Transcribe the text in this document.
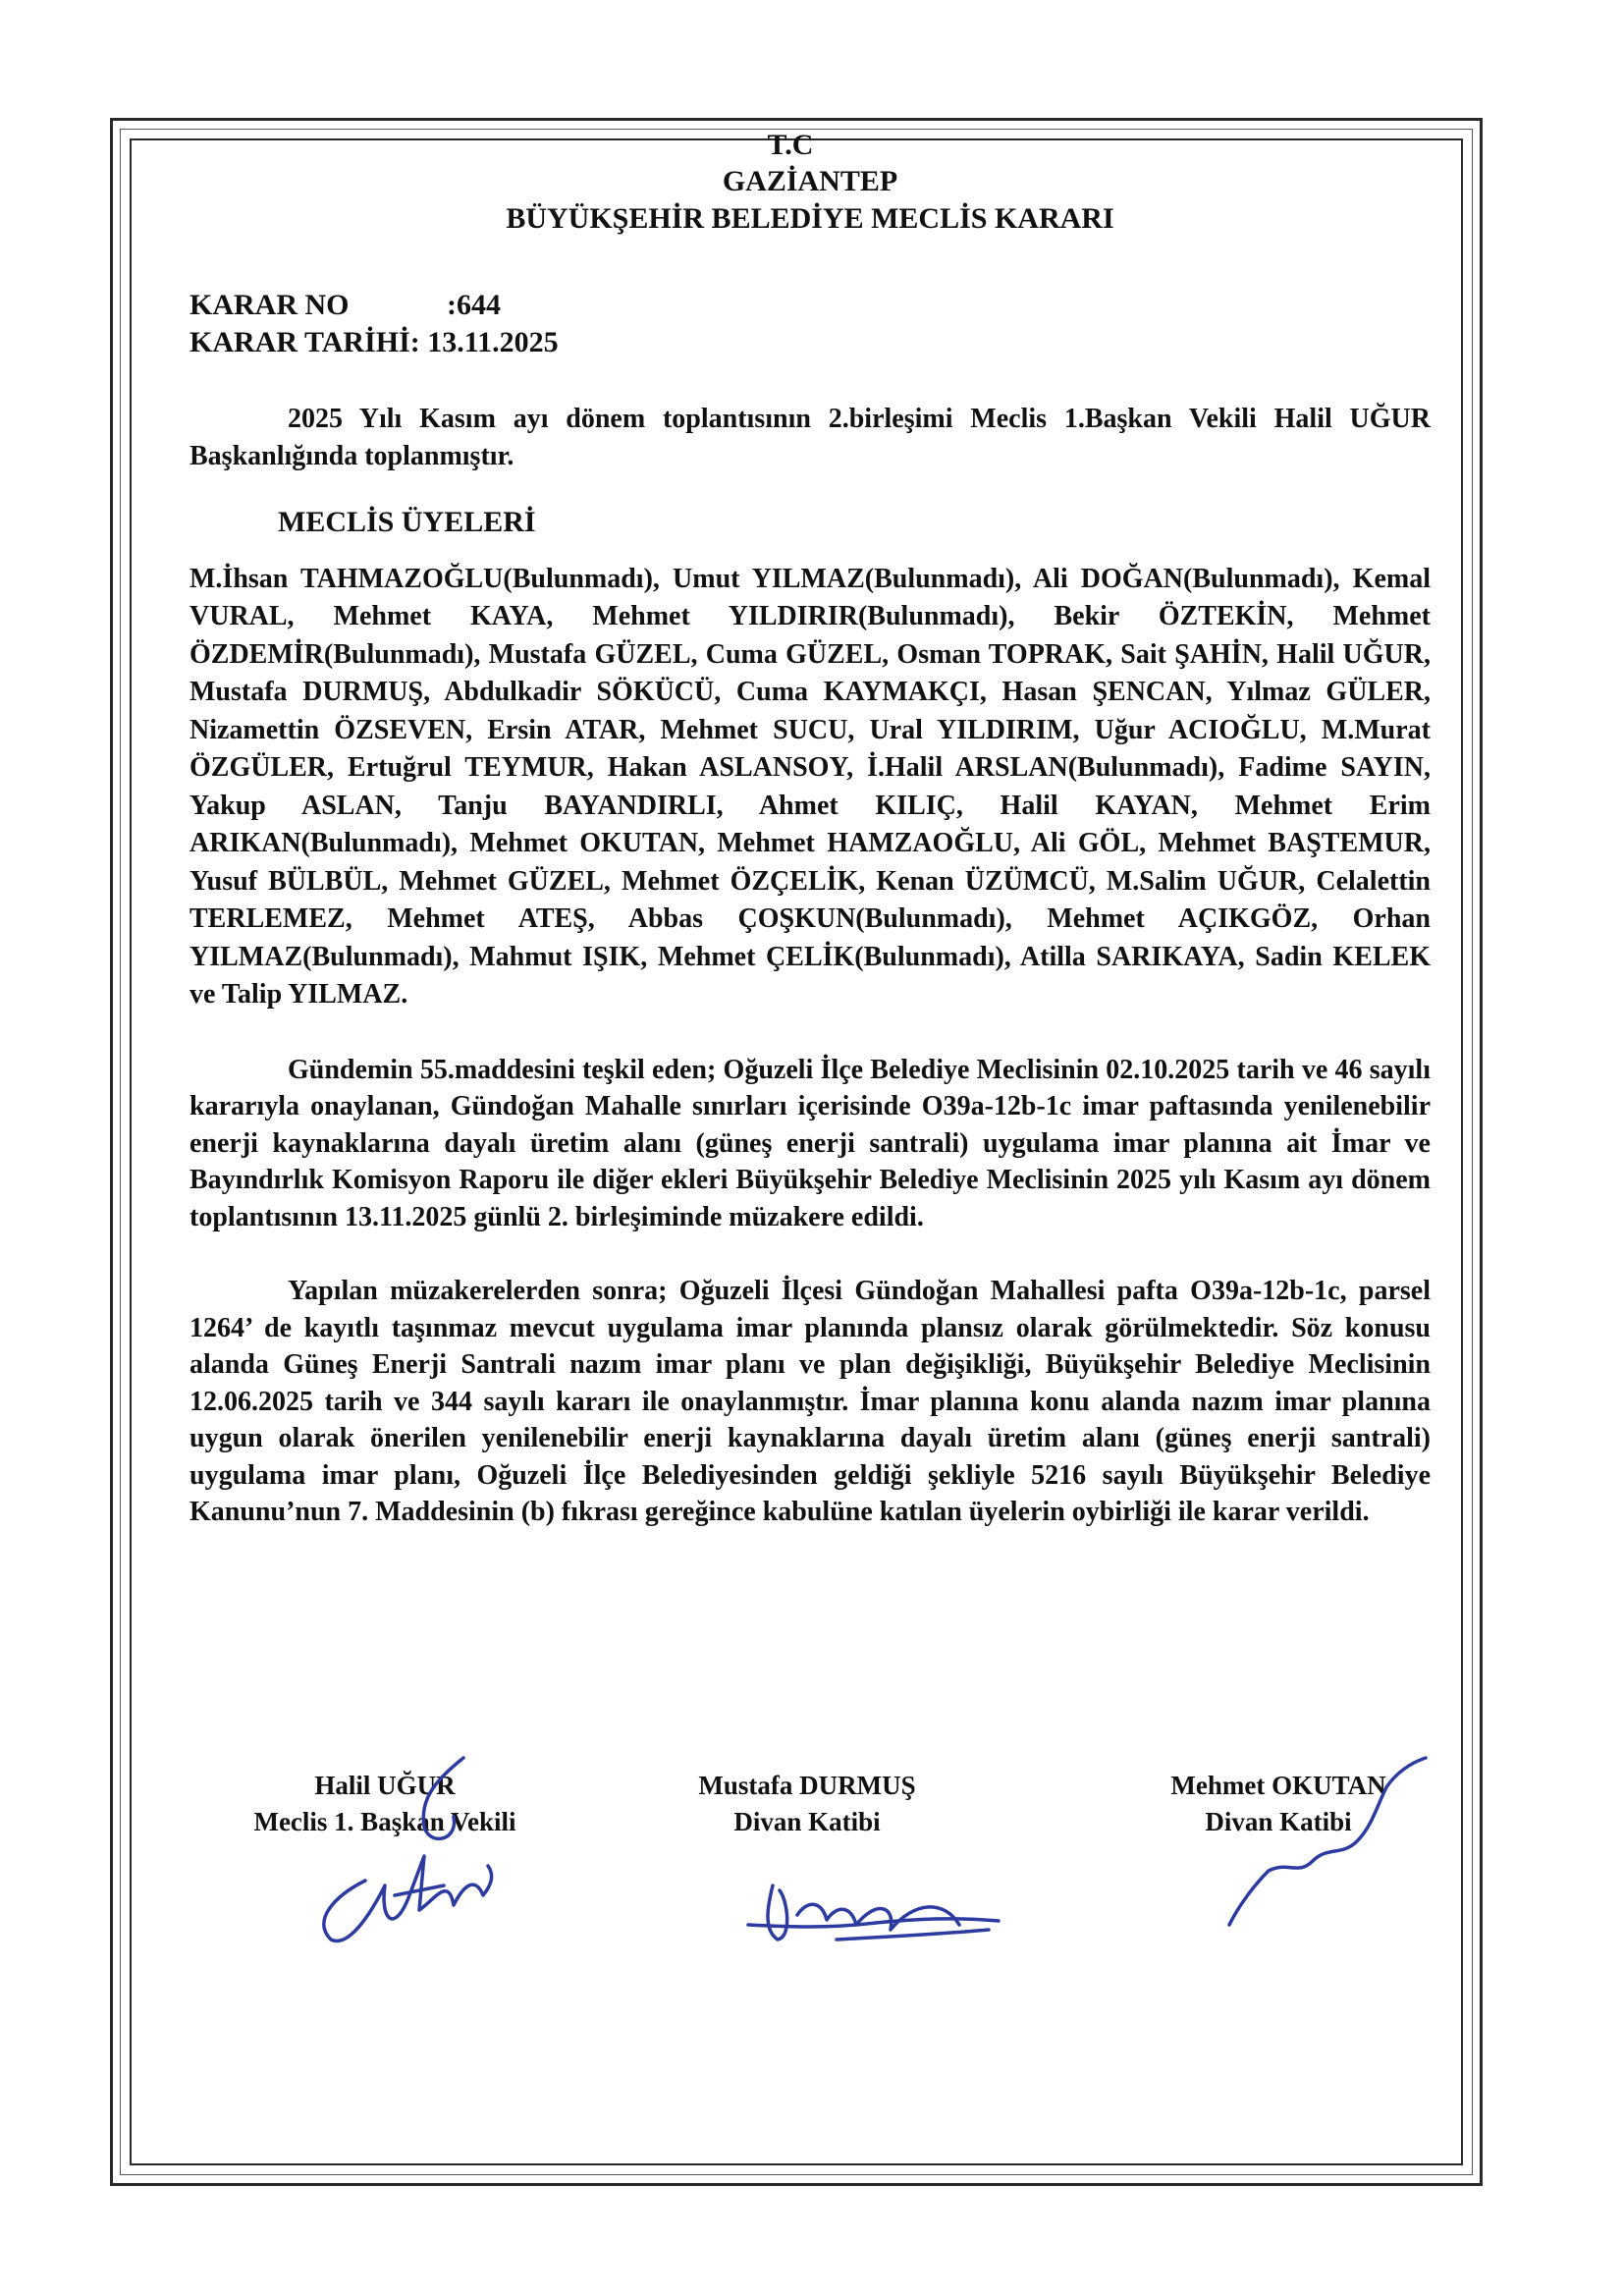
T.C
GAZİANTEP
BÜYÜKŞEHİR BELEDİYE MECLİS KARARI
KARAR NO	:644
KARAR TARİHİ : 13.11.2025

2025 Yılı Kasım ayı dönem toplantısının 2.birleşimi Meclis 1.Başkan Vekili Halil UĞUR Başkanlığında toplanmıştır.

MECLİS ÜYELERİ

M.İhsan TAHMAZOĞLU(Bulunmadı), Umut YILMAZ(Bulunmadı), Ali DOĞAN(Bulunmadı), Kemal VURAL, Mehmet KAYA, Mehmet YILDIRIR(Bulunmadı), Bekir ÖZTEKİN, Mehmet ÖZDEMİR(Bulunmadı), Mustafa GÜZEL, Cuma GÜZEL, Osman TOPRAK, Sait ŞAHİN, Halil UĞUR, Mustafa DURMUŞ, Abdulkadir SÖKÜCÜ, Cuma KAYMAKÇI, Hasan ŞENCAN, Yılmaz GÜLER, Nizamettin ÖZSEVEN, Ersin ATAR, Mehmet SUCU, Ural YILDIRIM, Uğur ACIOĞLU, M.Murat ÖZGÜLER, Ertuğrul TEYMUR, Hakan ASLANSOY, İ.Halil ARSLAN(Bulunmadı), Fadime SAYIN, Yakup ASLAN, Tanju BAYANDIRLI, Ahmet KILIÇ, Halil KAYAN, Mehmet Erim ARIKAN(Bulunmadı), Mehmet OKUTAN, Mehmet HAMZAOĞLU, Ali GÖL, Mehmet BAŞTEMUR, Yusuf BÜLBÜL, Mehmet GÜZEL, Mehmet ÖZÇELİK, Kenan ÜZÜMCÜ, M.Salim UĞUR, Celalettin TERLEMEZ, Mehmet ATEŞ, Abbas ÇOŞKUN(Bulunmadı), Mehmet AÇIKGÖZ, Orhan YILMAZ(Bulunmadı), Mahmut IŞIK, Mehmet ÇELİK(Bulunmadı), Atilla SARIKAYA, Sadin KELEK ve Talip YILMAZ.

Gündemin 55.maddesini teşkil eden; Oğuzeli İlçe Belediye Meclisinin 02.10.2025 tarih ve 46 sayılı kararıyla onaylanan, Gündoğan Mahalle sınırları içerisinde O39a-12b-1c imar paftasında yenilenebilir enerji kaynaklarına dayalı üretim alanı (güneş enerji santrali) uygulama imar planına ait İmar ve Bayındırlık Komisyon Raporu ile diğer ekleri Büyükşehir Belediye Meclisinin 2025 yılı Kasım ayı dönem toplantısının 13.11.2025 günlü 2. birleşiminde müzakere edildi.

Yapılan müzakerelerden sonra; Oğuzeli İlçesi Gündoğan Mahallesi pafta O39a-12b-1c, parsel 1264’ de kayıtlı taşınmaz mevcut uygulama imar planında plansız olarak görülmektedir. Söz konusu alanda Güneş Enerji Santrali nazım imar planı ve plan değişikliği, Büyükşehir Belediye Meclisinin 12.06.2025 tarih ve 344 sayılı kararı ile onaylanmıştır. İmar planına konu alanda nazım imar planına uygun olarak önerilen yenilenebilir enerji kaynaklarına dayalı üretim alanı (güneş enerji santrali) uygulama imar planı, Oğuzeli İlçe Belediyesinden geldiği şekliyle 5216 sayılı Büyükşehir Belediye Kanunu’nun 7. Maddesinin (b) fıkrası gereğince kabulüne katılan üyelerin oybirliği ile karar verildi.

Halil UĞUR
Meclis 1. Başkan Vekili
Mustafa DURMUŞ
Divan Katibi
Mehmet OKUTAN
Divan Katibi
